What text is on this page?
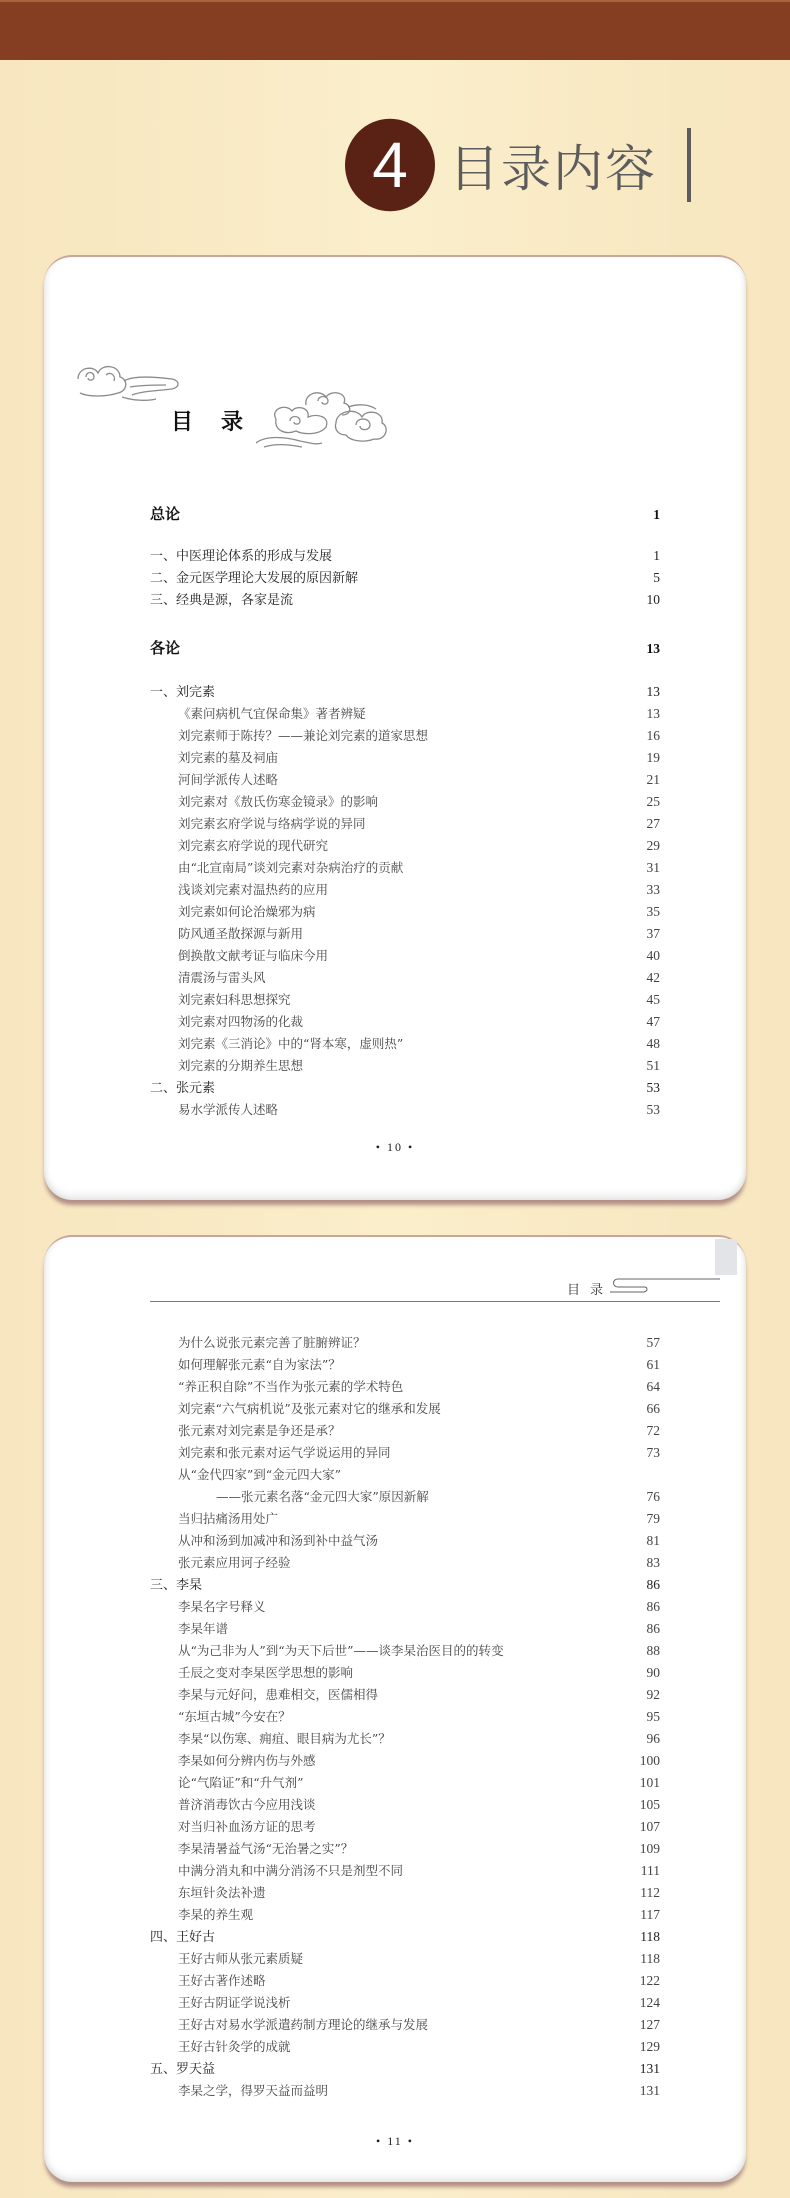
4 目录内容
目录
总论	1
一、中医理论体系的形成与发展	1
二、金元医学理论大发展的原因新解	5
三、经典是源，各家是流	10
各论	13
一、刘完素	13
《素问病机气宜保命集》著者辨疑	13
刘完素师于陈抟？——兼论刘完素的道家思想	16
刘完素的墓及祠庙	19
河间学派传人述略	21
刘完素对《敖氏伤寒金镜录》的影响	25
刘完素玄府学说与络病学说的异同	27
刘完素玄府学说的现代研究	29
由“北宣南局”谈刘完素对杂病治疗的贡献	31
浅谈刘完素对温热药的应用	33
刘完素如何论治燥邪为病	35
防风通圣散探源与新用	37
倒换散文献考证与临床今用	40
清震汤与雷头风	42
刘完素妇科思想探究	45
刘完素对四物汤的化裁	47
刘完素《三消论》中的“肾本寒，虚则热”	48
刘完素的分期养生思想	51
二、张元素	53
易水学派传人述略	53
• 10 •
目录
为什么说张元素完善了脏腑辨证？	57
如何理解张元素“自为家法”？	61
“养正积自除”不当作为张元素的学术特色	64
刘完素“六气病机说”及张元素对它的继承和发展	66
张元素对刘完素是争还是承？	72
刘完素和张元素对运气学说运用的异同	73
从“金代四家”到“金元四大家”
——张元素名落“金元四大家”原因新解	76
当归拈痛汤用处广	79
从冲和汤到加减冲和汤到补中益气汤	81
张元素应用诃子经验	83
三、李杲	86
李杲名字号释义	86
李杲年谱	86
从“为己非为人”到“为天下后世”——谈李杲治医目的的转变	88
壬辰之变对李杲医学思想的影响	90
李杲与元好问，患难相交，医儒相得	92
“东垣古城”今安在？	95
李杲“以伤寒、痈疽、眼目病为尤长”？	96
李杲如何分辨内伤与外感	100
论“气陷证”和“升气剂”	101
普济消毒饮古今应用浅谈	105
对当归补血汤方证的思考	107
李杲清暑益气汤“无治暑之实”？	109
中满分消丸和中满分消汤不只是剂型不同	111
东垣针灸法补遗	112
李杲的养生观	117
四、王好古	118
王好古师从张元素质疑	118
王好古著作述略	122
王好古阴证学说浅析	124
王好古对易水学派遣药制方理论的继承与发展	127
王好古针灸学的成就	129
五、罗天益	131
李杲之学，得罗天益而益明	131
• 11 •
